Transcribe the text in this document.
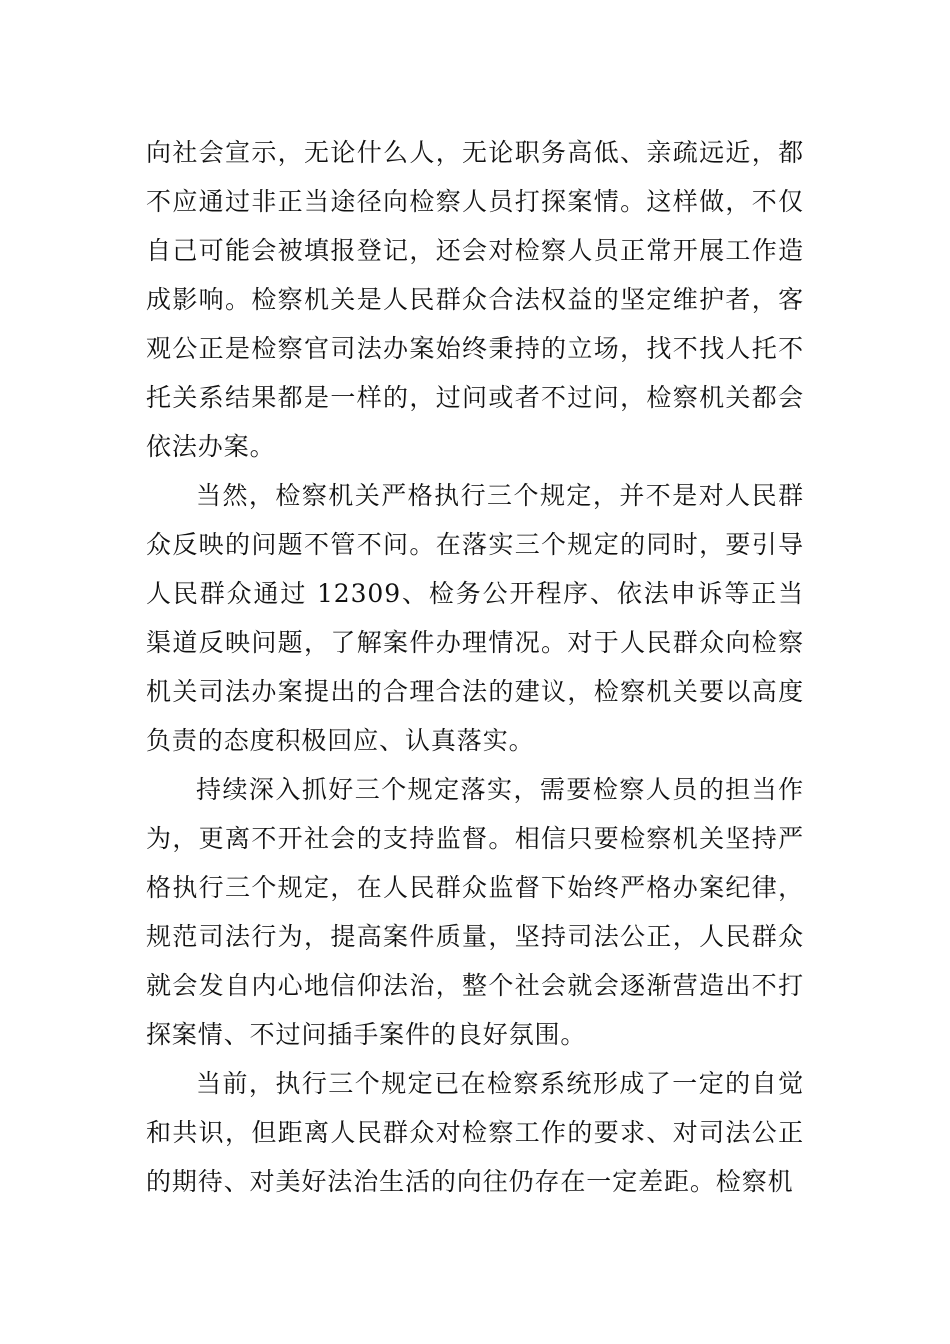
向社会宣示，无论什么人，无论职务高低、亲疏远近，都不应通过非正当途径向检察人员打探案情。这样做，不仅自己可能会被填报登记，还会对检察人员正常开展工作造成影响。检察机关是人民群众合法权益的坚定维护者，客观公正是检察官司法办案始终秉持的立场，找不找人托不托关系结果都是一样的，过问或者不过问，检察机关都会依法办案。

当然，检察机关严格执行三个规定，并不是对人民群众反映的问题不管不问。在落实三个规定的同时，要引导人民群众通过 12309、检务公开程序、依法申诉等正当渠道反映问题，了解案件办理情况。对于人民群众向检察机关司法办案提出的合理合法的建议，检察机关要以高度负责的态度积极回应、认真落实。

持续深入抓好三个规定落实，需要检察人员的担当作为，更离不开社会的支持监督。相信只要检察机关坚持严格执行三个规定，在人民群众监督下始终严格办案纪律，规范司法行为，提高案件质量，坚持司法公正，人民群众就会发自内心地信仰法治，整个社会就会逐渐营造出不打探案情、不过问插手案件的良好氛围。

当前，执行三个规定已在检察系统形成了一定的自觉和共识，但距离人民群众对检察工作的要求、对司法公正的期待、对美好法治生活的向往仍存在一定差距。检察机
